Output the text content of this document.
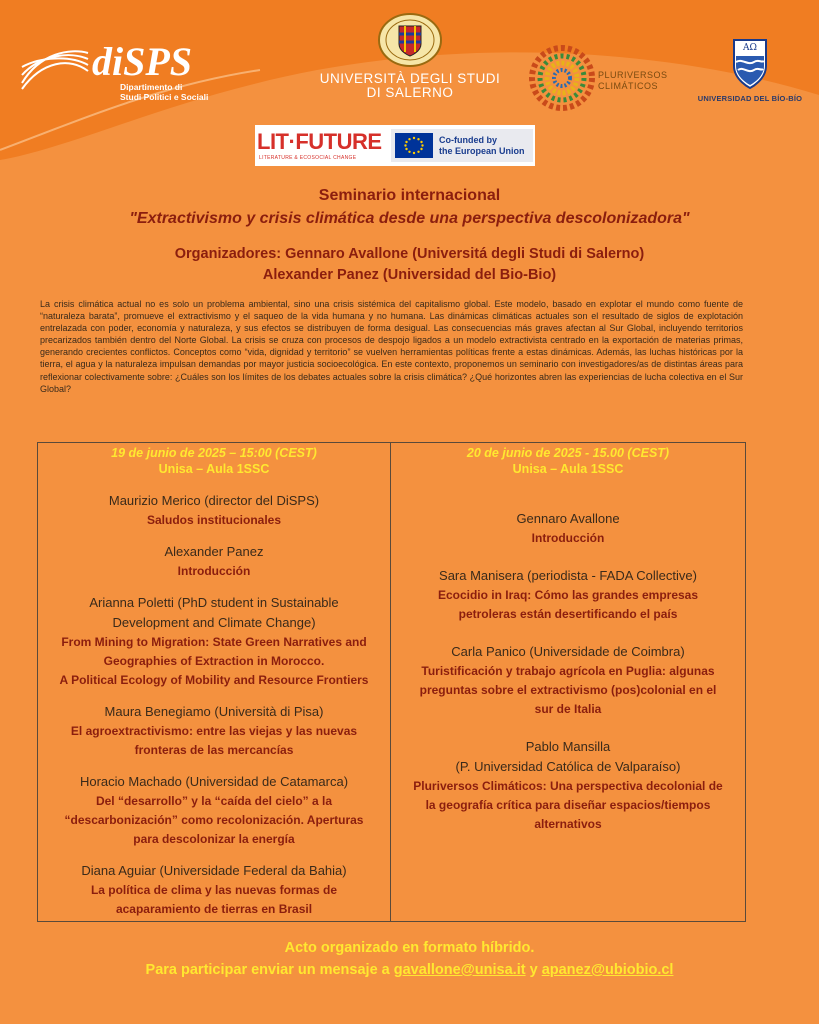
diSPS
Dipartimento di
Studi Politici e Sociali
UNIVERSITÀ DEGLI STUDI
DI SALERNO
PLURIVERSOS
CLIMÁTICOS
ΑΩ
UNIVERSIDAD DEL BÍO-BÍO
LIT·FUTURE
LITERATURE & ECOSOCIAL CHANGE
Co-funded by
the European Union
Seminario internacional
"Extractivismo y crisis climática desde una perspectiva descolonizadora"
Organizadores: Gennaro Avallone (Universitá degli Studi di Salerno)
Alexander Panez (Universidad del Bio-Bio)
La crisis climática actual no es solo un problema ambiental, sino una crisis sistémica del capitalismo global. Este modelo, basado en explotar el mundo como fuente de “naturaleza barata”, promueve el extractivismo y el saqueo de la vida humana y no humana. Las dinámicas climáticas actuales son el resultado de siglos de explotación entrelazada con poder, economía y naturaleza, y sus efectos se distribuyen de forma desigual. Las consecuencias más graves afectan al Sur Global, incluyendo territorios precarizados también dentro del Norte Global. La crisis se cruza con procesos de despojo ligados a un modelo extractivista centrado en la exportación de materias primas, generando crecientes conflictos. Conceptos como “vida, dignidad y territorio” se vuelven herramientas políticas frente a estas dinámicas. Además, las luchas históricas por la tierra, el agua y la naturaleza impulsan demandas por mayor justicia socioecológica. En este contexto, proponemos un seminario con investigadores/as de distintas áreas para reflexionar colectivamente sobre: ¿Cuáles son los límites de los debates actuales sobre la crisis climática? ¿Qué horizontes abren las experiencias de lucha colectiva en el Sur Global?
19 de junio de 2025 – 15:00 (CEST)
Unisa – Aula 1SSC
Maurizio Merico (director del DiSPS)
Saludos institucionales
Alexander Panez
Introducción
Arianna Poletti (PhD student in Sustainable
Development and Climate Change)
From Mining to Migration: State Green Narratives and
Geographies of Extraction in Morocco.
A Political Ecology of Mobility and Resource Frontiers
Maura Benegiamo (Università di Pisa)
El agroextractivismo: entre las viejas y las nuevas
fronteras de las mercancías
Horacio Machado (Universidad de Catamarca)
Del “desarrollo” y la “caída del cielo” a la
“descarbonización” como recolonización. Aperturas
para descolonizar la energía
Diana Aguiar (Universidade Federal da Bahia)
La política de clima y las nuevas formas de
acaparamiento de tierras en Brasil
20 de junio de 2025 - 15.00 (CEST)
Unisa – Aula 1SSC
Gennaro Avallone
Introducción
Sara Manisera (periodista - FADA Collective)
Ecocidio in Iraq: Cómo las grandes empresas
petroleras están desertificando el país
Carla Panico (Universidade de Coimbra)
Turistificación y trabajo agrícola en Puglia: algunas
preguntas sobre el extractivismo (pos)colonial en el
sur de Italia
Pablo Mansilla
(P. Universidad Católica de Valparaíso)
Pluriversos Climáticos: Una perspectiva decolonial de
la geografía crítica para diseñar espacios/tiempos
alternativos
Acto organizado en formato híbrido.
Para participar enviar un mensaje a gavallone@unisa.it y apanez@ubiobio.cl
